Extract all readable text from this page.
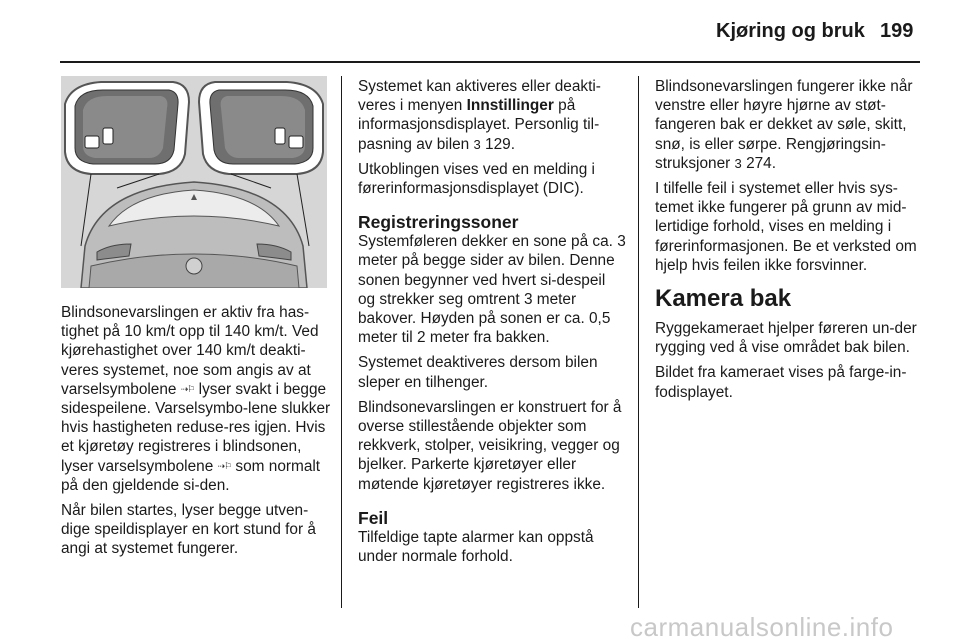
Kjøring og bruk 199

Blindsonevarslingen er aktiv fra has-tighet på 10 km/t opp til 140 km/t. Ved kjørehastighet over 140 km/t deakti-veres systemet, noe som angis av at varselsymbolene ⇢⚐ lyser svakt i begge sidespeilene. Varselsymbo-lene slukker hvis hastigheten reduse-res igjen. Hvis et kjøretøy registreres i blindsonen, lyser varselsymbolene ⇢⚐ som normalt på den gjeldende si-den.

Når bilen startes, lyser begge utven-dige speildisplayer en kort stund for å angi at systemet fungerer.

Systemet kan aktiveres eller deakti-veres i menyen Innstillinger på informasjonsdisplayet. Personlig til-pasning av bilen 3 129.

Utkoblingen vises ved en melding i førerinformasjonsdisplayet (DIC).

Registreringssoner

Systemføleren dekker en sone på ca. 3 meter på begge sider av bilen. Denne sonen begynner ved hvert si-despeil og strekker seg omtrent 3 meter bakover. Høyden på sonen er ca. 0,5 meter til 2 meter fra bakken.

Systemet deaktiveres dersom bilen sleper en tilhenger.

Blindsonevarslingen er konstruert for å overse stillestående objekter som rekkverk, stolper, veisikring, vegger og bjelker. Parkerte kjøretøyer eller møtende kjøretøyer registreres ikke.

Feil

Tilfeldige tapte alarmer kan oppstå under normale forhold.

Blindsonevarslingen fungerer ikke når venstre eller høyre hjørne av støt-fangeren bak er dekket av søle, skitt, snø, is eller sørpe. Rengjøringsin-struksjoner 3 274.

I tilfelle feil i systemet eller hvis sys-temet ikke fungerer på grunn av mid-lertidige forhold, vises en melding i førerinformasjonen. Be et verksted om hjelp hvis feilen ikke forsvinner.

Kamera bak

Ryggekameraet hjelper føreren un-der rygging ved å vise området bak bilen.

Bildet fra kameraet vises på farge-in-fodisplayet.

carmanualsonline.info
